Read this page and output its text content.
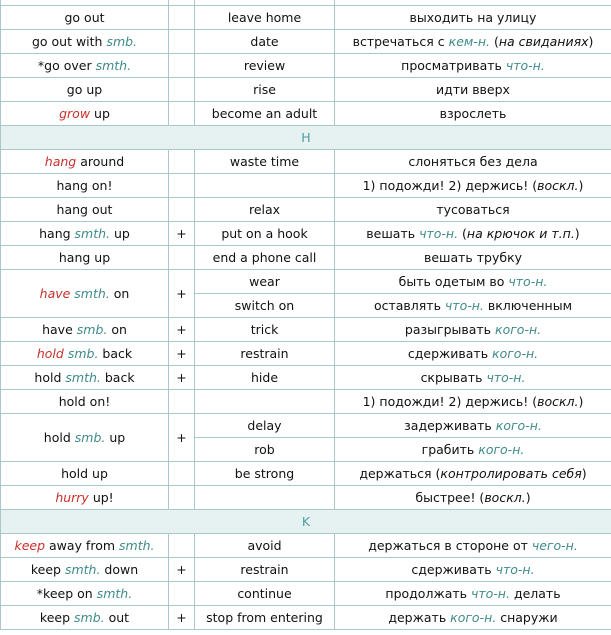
go out		leave home	выходить на улицу
go out with smb.		date	встречаться с кем-н. (на свиданиях)
*go over smth.		review	просматривать что-н.
go up		rise	идти вверх
grow up		become an adult	взрослеть
H			
hang around		waste time	слоняться без дела
hang on!			1) подожди! 2) держись! (воскл.)
hang out		relax	тусоваться
hang smth. up	+	put on a hook	вешать что-н. (на крючок и т.п.)
hang up		end a phone call	вешать трубку
have smth. on	+	wear	быть одетым во что-н.
		switch on	оставлять что-н. включенным
have smb. on	+	trick	разыгрывать кого-н.
hold smb. back	+	restrain	сдерживать кого-н.
hold smth. back	+	hide	скрывать что-н.
hold on!			1) подожди! 2) держись! (воскл.)
hold smb. up	+	delay	задерживать кого-н.
		rob	грабить кого-н.
hold up		be strong	держаться (контролировать себя)
hurry up!			быстрее! (воскл.)
K			
keep away from smth.		avoid	держаться в стороне от чего-н.
keep smth. down	+	restrain	сдерживать что-н.
*keep on smth.		continue	продолжать что-н. делать
keep smb. out	+	stop from entering	держать кого-н. снаружи
